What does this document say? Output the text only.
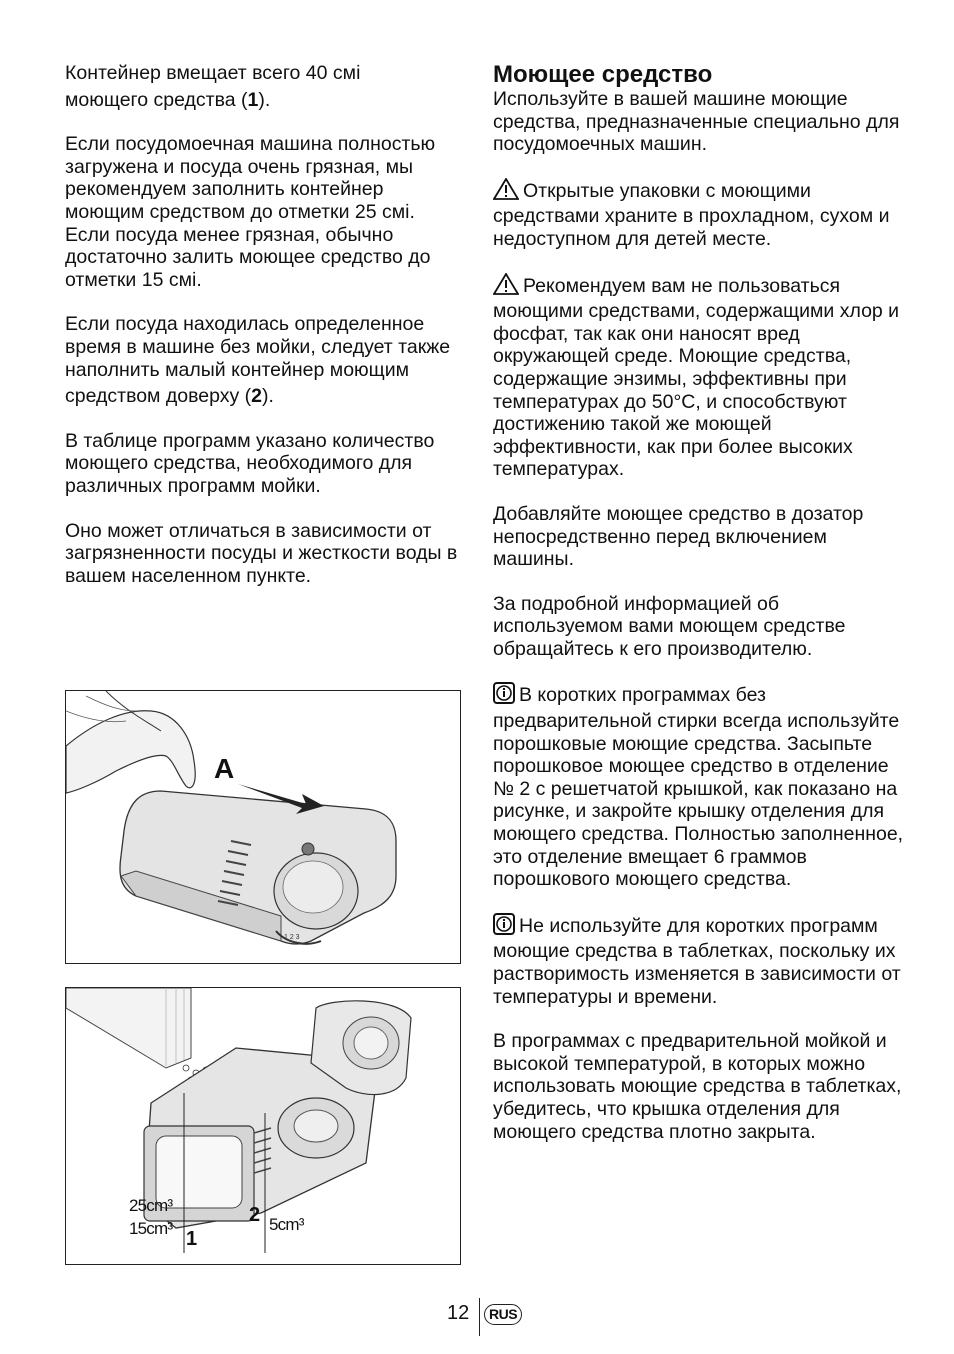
Контейнер вмещает всего 40 смі

моющего средства (1).

Если посудомоечная машина полностью загружена и посуда очень грязная, мы рекомендуем заполнить контейнер моющим средством до отметки 25 смі. Если посуда менее грязная, обычно достаточно залить моющее средство до отметки 15 смі.

Если посуда находилась определенное время в машине без мойки, следует также наполнить малый контейнер моющим

средством доверху (2).

В таблице программ указано количество моющего средства, необходимого для различных программ мойки.

Оно может отличаться в зависимости от загрязненности посуды и жесткости воды в вашем населенном пункте.

1 2 3
A
25cm³
15cm³ 1
2 5cm³
Моющее средство

Используйте в вашей машине моющие средства, предназначенные специально для посудомоечных машин.

Открытые упаковки с моющими средствами храните в прохладном, сухом и недоступном для детей месте.

Рекомендуем вам не пользоваться моющими средствами, содержащими хлор и фосфат, так как они наносят вред окружающей среде. Моющие средства, содержащие энзимы, эффективны при температурах до 50°C, и способствуют достижению такой же моющей эффективности, как при более высоких температурах.

Добавляйте моющее средство в дозатор непосредственно перед включением машины.

За подробной информацией об используемом вами моющем средстве обращайтесь к его производителю.

В коротких программах без предварительной стирки всегда используйте порошковые моющие средства. Засыпьте порошковое моющее средство в отделение № 2 с решетчатой крышкой, как показано на рисунке, и закройте крышку отделения для моющего средства. Полностью заполненное, это отделение вмещает 6 граммов порошкового моющего средства.

Не используйте для коротких программ моющие средства в таблетках, поскольку их растворимость изменяется в зависимости от температуры и времени.

В программах с предварительной мойкой и высокой температурой, в которых можно использовать моющие средства в таблетках, убедитесь, что крышка отделения для моющего средства плотно закрыта.

12	RUS
